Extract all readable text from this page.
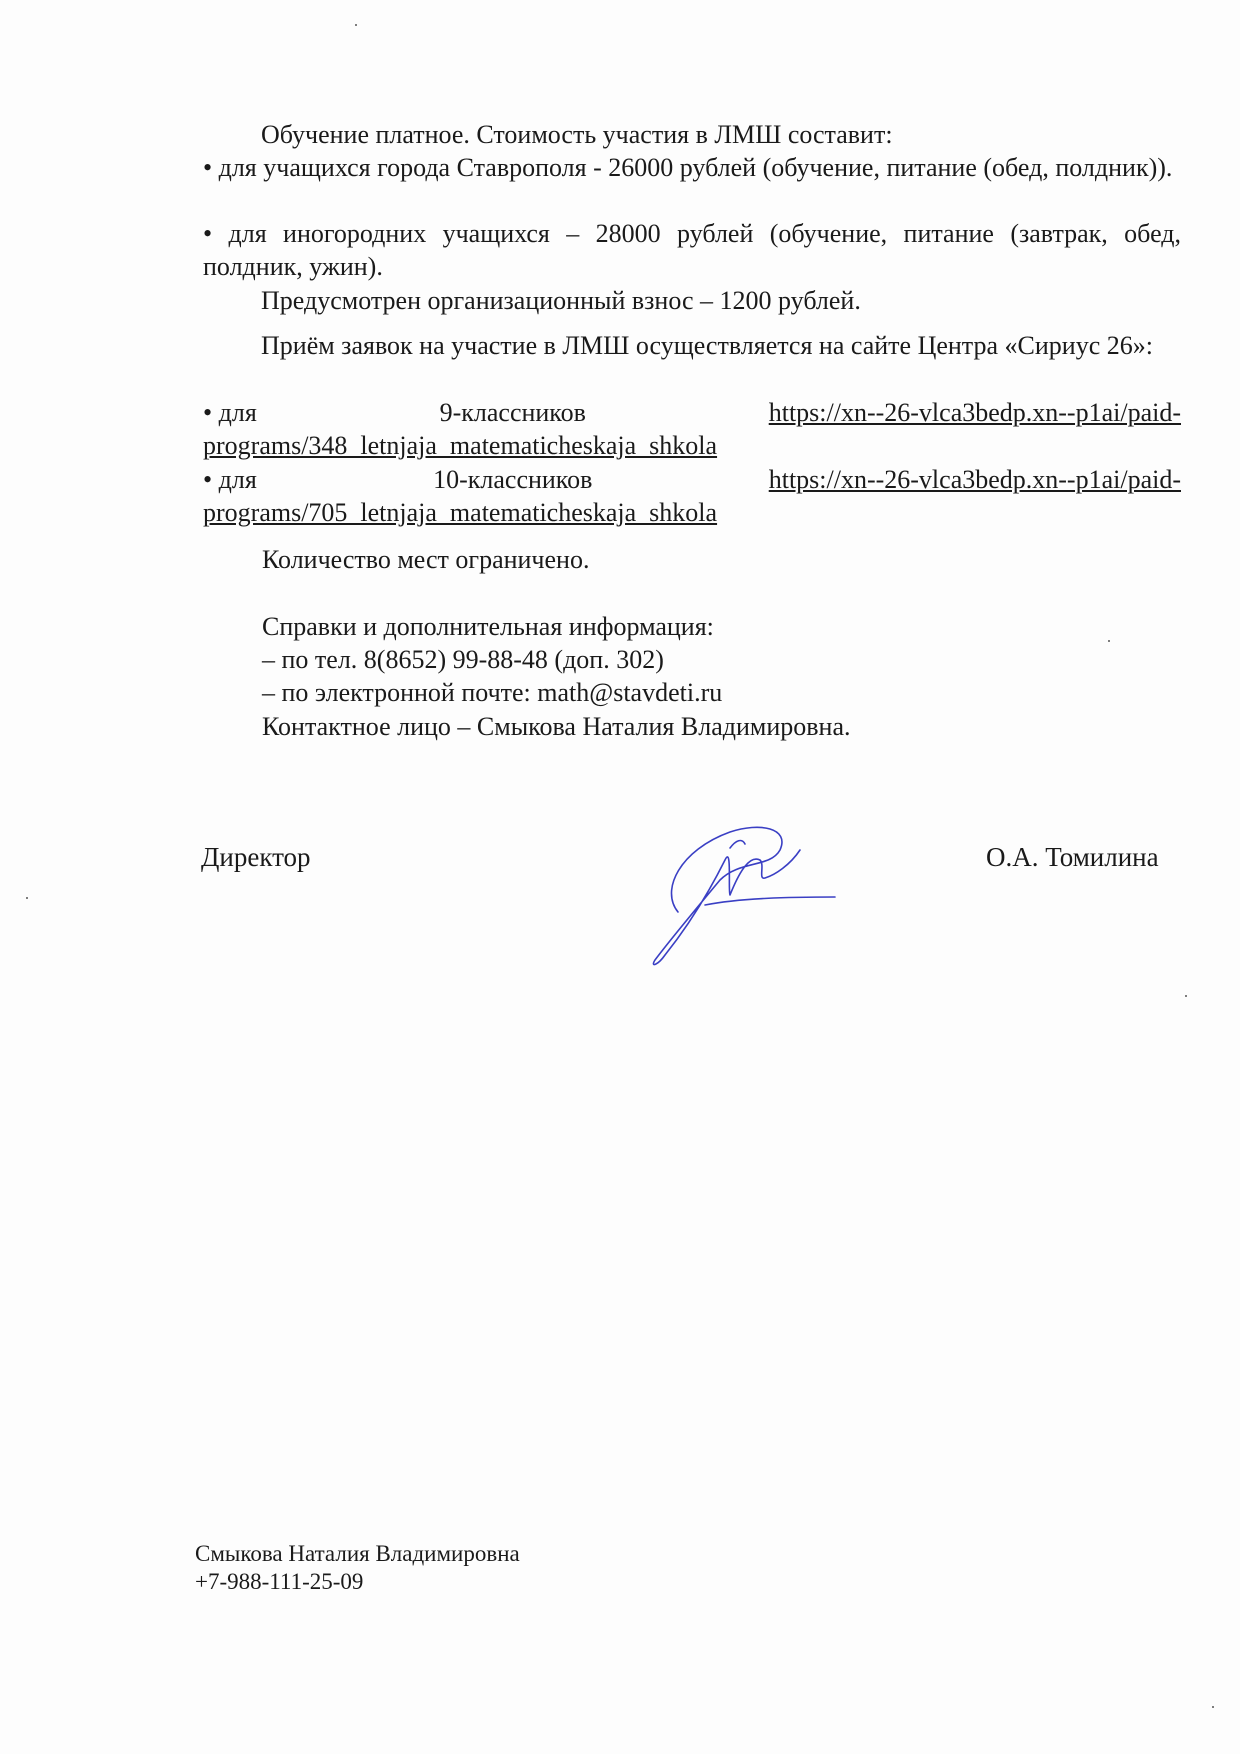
Обучение платное. Стоимость участия в ЛМШ составит:

• для учащихся города Ставрополя - 26000 рублей (обучение, питание (обед, полдник)).

• для иногородних учащихся – 28000 рублей (обучение, питание (завтрак, обед, полдник, ужин).

Предусмотрен организационный взнос – 1200 рублей.

Приём заявок на участие в ЛМШ осуществляется на сайте Центра «Сириус 26»:

• для	9-классников	https://xn--26-vlca3bedp.xn--p1ai/paid-
programs/348_letnjaja_matematicheskaja_shkola
• для	10-классников	https://xn--26-vlca3bedp.xn--p1ai/paid-
programs/705_letnjaja_matematicheskaja_shkola
Количество мест ограничено.
Справки и дополнительная информация:
– по тел. 8(8652) 99-88-48 (доп. 302)
– по электронной почте: math@stavdeti.ru
Контактное лицо – Смыкова Наталия Владимировна.
Директор	О.А. Томилина
Смыкова Наталия Владимировна
+7-988-111-25-09
